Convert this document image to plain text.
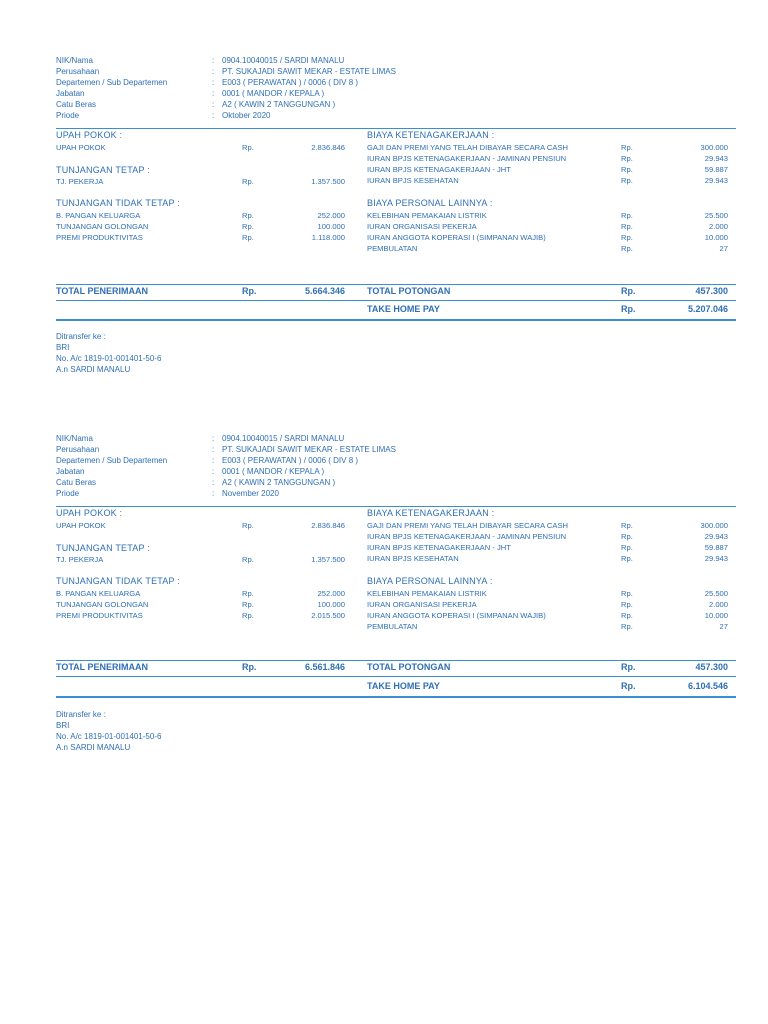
NIK/Nama	: 0904.10040015 / SARDI MANALU
Perusahaan	: PT. SUKAJADI SAWIT MEKAR - ESTATE LIMAS
Departemen / Sub Departemen	: E003 ( PERAWATAN ) / 0006 ( DIV 8 )
Jabatan	: 0001 ( MANDOR / KEPALA )
Catu Beras	: A2 ( KAWIN 2 TANGGUNGAN )
Priode	: Oktober 2020
UPAH POKOK :
UPAH POKOK	Rp.	2.836.846
TUNJANGAN TETAP :
TJ. PEKERJA	Rp.	1.357.500
TUNJANGAN TIDAK TETAP :
B. PANGAN KELUARGA	Rp.	252.000
TUNJANGAN GOLONGAN	Rp.	100.000
PREMI PRODUKTIVITAS	Rp.	1.118.000
BIAYA KETENAGAKERJAAN :
GAJI DAN PREMI YANG TELAH DIBAYAR SECARA CASH	Rp.	300.000
IURAN BPJS KETENAGAKERJAAN - JAMINAN PENSIUN	Rp.	29.943
IURAN BPJS KETENAGAKERJAAN - JHT	Rp.	59.887
IURAN BPJS KESEHATAN	Rp.	29.943
BIAYA PERSONAL LAINNYA :
KELEBIHAN PEMAKAIAN LISTRIK	Rp.	25.500
IURAN ORGANISASI PEKERJA	Rp.	2.000
IURAN ANGGOTA KOPERASI I (SIMPANAN WAJIB)	Rp.	10.000
PEMBULATAN	Rp.	27
TOTAL PENERIMAAN	Rp.	5.664.346 TOTAL POTONGAN	Rp.	457.300
TAKE HOME PAY	Rp.	5.207.046
Ditransfer ke :
BRI
No. A/c 1819-01-001401-50-6
A.n SARDI MANALU
NIK/Nama	: 0904.10040015 / SARDI MANALU
Perusahaan	: PT. SUKAJADI SAWIT MEKAR - ESTATE LIMAS
Departemen / Sub Departemen	: E003 ( PERAWATAN ) / 0006 ( DIV 8 )
Jabatan	: 0001 ( MANDOR / KEPALA )
Catu Beras	: A2 ( KAWIN 2 TANGGUNGAN )
Priode	: November 2020
UPAH POKOK :
UPAH POKOK	Rp.	2.836.846
TUNJANGAN TETAP :
TJ. PEKERJA	Rp.	1.357.500
TUNJANGAN TIDAK TETAP :
B. PANGAN KELUARGA	Rp.	252.000
TUNJANGAN GOLONGAN	Rp.	100.000
PREMI PRODUKTIVITAS	Rp.	2.015.500
BIAYA KETENAGAKERJAAN :
GAJI DAN PREMI YANG TELAH DIBAYAR SECARA CASH	Rp.	300.000
IURAN BPJS KETENAGAKERJAAN - JAMINAN PENSIUN	Rp.	29.943
IURAN BPJS KETENAGAKERJAAN - JHT	Rp.	59.887
IURAN BPJS KESEHATAN	Rp.	29.943
BIAYA PERSONAL LAINNYA :
KELEBIHAN PEMAKAIAN LISTRIK	Rp.	25.500
IURAN ORGANISASI PEKERJA	Rp.	2.000
IURAN ANGGOTA KOPERASI I (SIMPANAN WAJIB)	Rp.	10.000
PEMBULATAN	Rp.	27
TOTAL PENERIMAAN	Rp.	6.561.846 TOTAL POTONGAN	Rp.	457.300
TAKE HOME PAY	Rp.	6.104.546
Ditransfer ke :
BRI
No. A/c 1819-01-001401-50-6
A.n SARDI MANALU
